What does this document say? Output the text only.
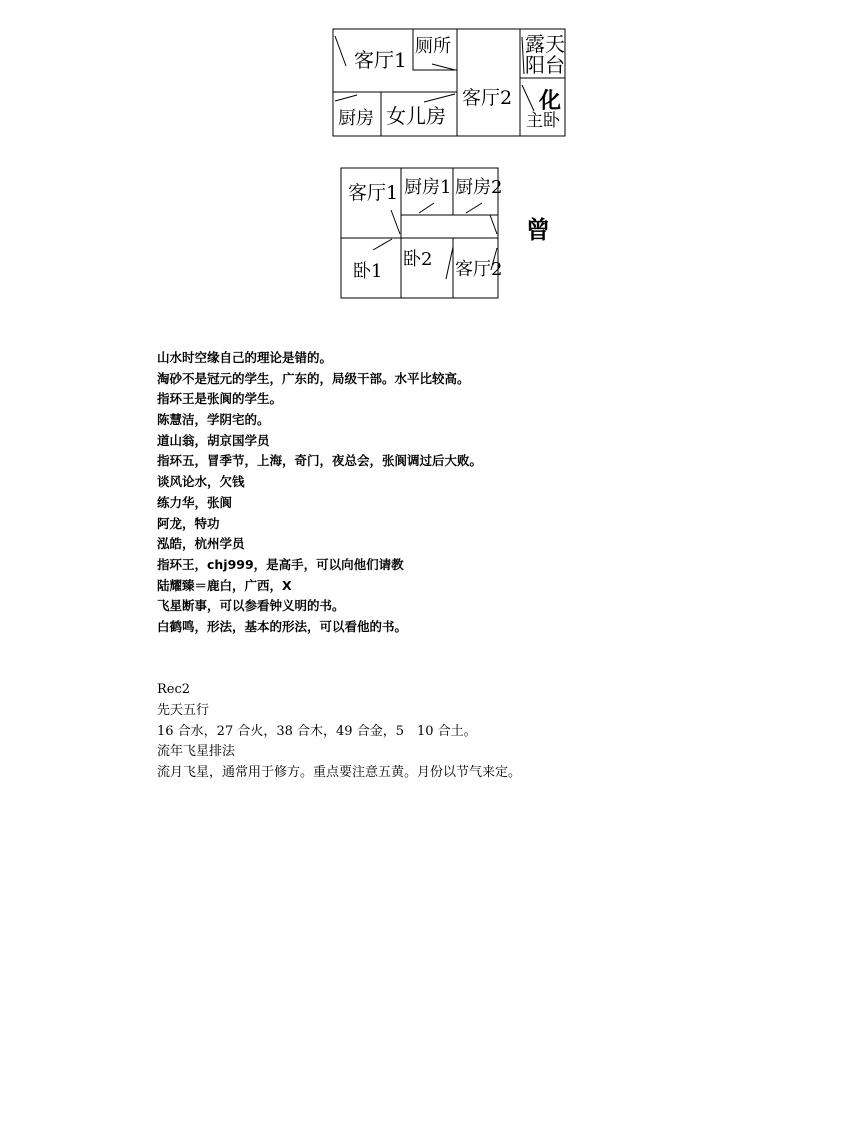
客厅1
厕所	露天
阳台
厨房 女儿房
客厅2
主卧
化
客厅1 厨房1 厨房2
卧1
卧2 客厅2
曾
山水时空缘自己的理论是错的。
淘砂不是冠元的学生，广东的，局级干部。水平比较高。
指环王是张阆的学生。
陈慧洁，学阴宅的。
道山翁，胡京国学员
指环五，冒季节，上海，奇门，夜总会，张阆调过后大败。
谈风论水，欠钱
练力华，张阆
阿龙，特功
泓皓，杭州学员
指环王，chj999，是高手，可以向他们请教
陆耀臻＝鹿白，广西，X
飞星断事，可以参看钟义明的书。
白鹤鸣，形法，基本的形法，可以看他的书。
Rec2
先天五行
16 合水，27 合火，38 合木，49 合金，5　10 合土。
流年飞星排法
流月飞星，通常用于修方。重点要注意五黄。月份以节气来定。
